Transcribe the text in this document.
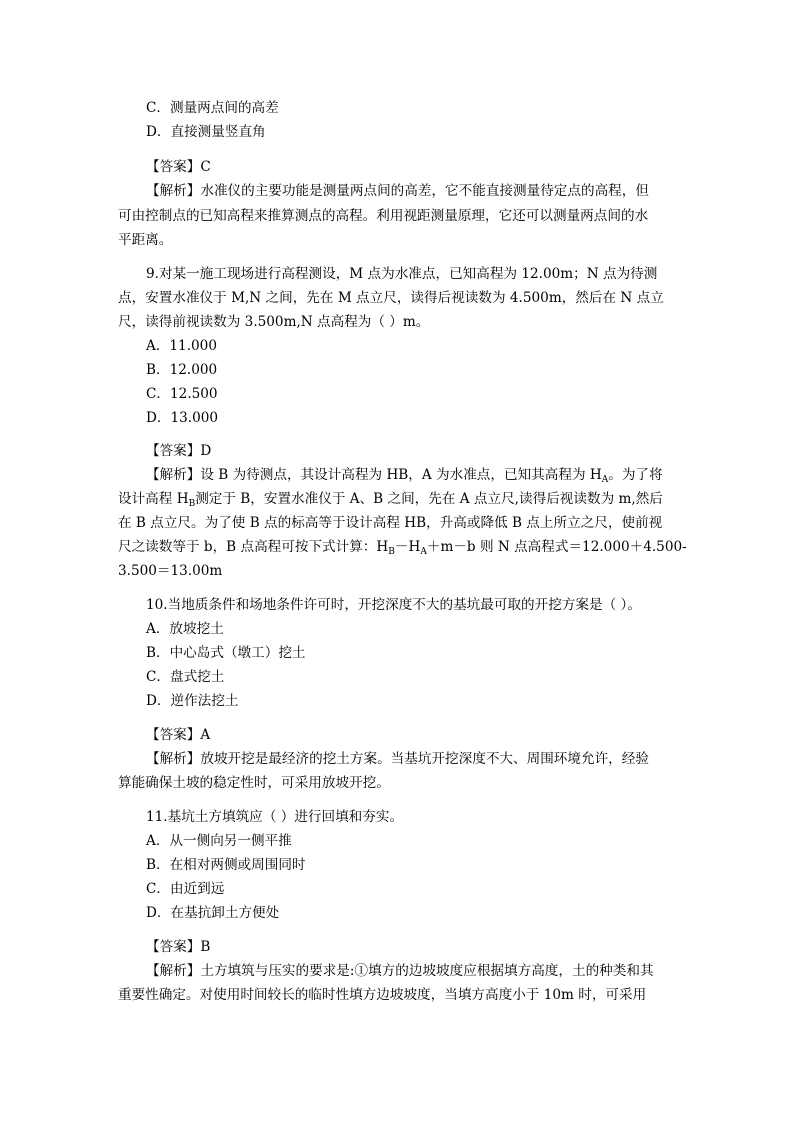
C．测量两点间的高差
D．直接测量竖直角
【答案】C
【解析】水准仪的主要功能是测量两点间的高差，它不能直接测量待定点的高程，但
可由控制点的已知高程来推算测点的高程。利用视距测量原理，它还可以测量两点间的水
平距离。
9.对某一施工现场进行高程测设，M 点为水准点，已知高程为 12.00m；N 点为待测
点，安置水准仪于 M,N 之间，先在 M 点立尺，读得后视读数为 4.500m，然后在 N 点立
尺，读得前视读数为 3.500m,N 点高程为（ ）m。
A．11.000
B．12.000
C．12.500
D．13.000
【答案】D
【解析】设 B 为待测点，其设计高程为 HB，A 为水准点，已知其高程为 $H_A$。为了将
设计高程 $H_B$测定于 B，安置水准仪于 A、B 之间，先在 A 点立尺,读得后视读数为 m,然后
在 B 点立尺。为了使 B 点的标高等于设计高程 HB，升高或降低 B 点上所立之尺，使前视
尺之读数等于 b，B 点高程可按下式计算：$H_B-H_A+m-b$ 则 N 点高程式＝12.000＋4.500-
3.500＝13.00m
10.当地质条件和场地条件许可时，开挖深度不大的基坑最可取的开挖方案是（ ）。
A．放坡挖土
B．中心岛式（墩工）挖土
C．盘式挖土
D．逆作法挖土
【答案】A
【解析】放坡开挖是最经济的挖土方案。当基坑开挖深度不大、周围环境允许，经验
算能确保土坡的稳定性时，可采用放坡开挖。
11.基坑土方填筑应（ ）进行回填和夯实。
A．从一侧向另一侧平推
B．在相对两侧或周围同时
C．由近到远
D．在基抗卸土方便处
【答案】B
【解析】土方填筑与压实的要求是:①填方的边坡坡度应根据填方高度，土的种类和其
重要性确定。对使用时间较长的临时性填方边坡坡度，当填方高度小于 10m 时，可采用
